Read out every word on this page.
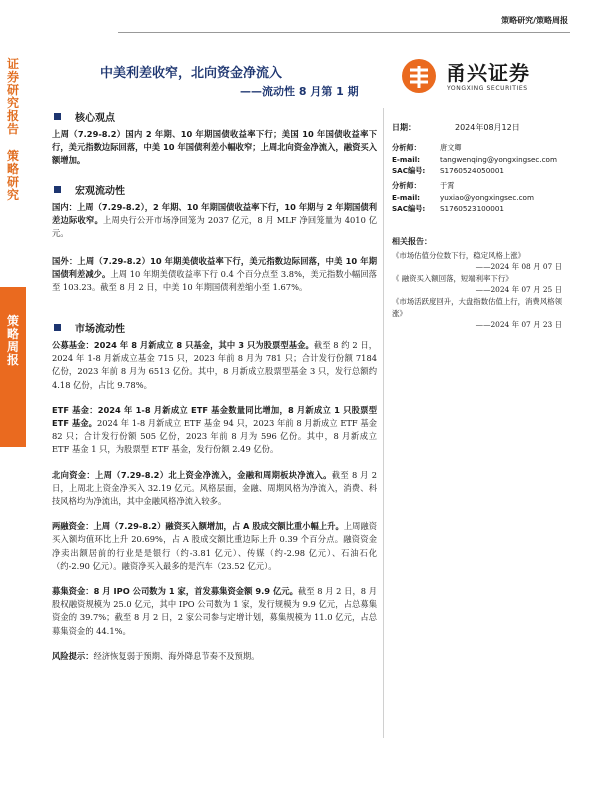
策略研究/策略周报
证券研究报告
策略研究
策略周报
中美利差收窄，北向资金净流入
——流动性 8 月第 1 期
甬兴证券
YONGXING SECURITIES
核心观点
上周（7.29-8.2）国内 2 年期、10 年期国债收益率下行；美国 10 年国债收益率下行，美元指数边际回落，中美 10 年国债利差小幅收窄；上周北向资金净流入，融资买入额增加。
宏观流动性
国内：上周（7.29-8.2），2 年期、10 年期国债收益率下行，10 年期与 2 年期国债利差边际收窄。上周央行公开市场净回笼为 2037 亿元，8 月 MLF 净回笼量为 4010 亿元。
国外：上周（7.29-8.2）10 年期美债收益率下行，美元指数边际回落，中美 10 年期国债利差减少。上周 10 年期美债收益率下行 0.4 个百分点至 3.8%，美元指数小幅回落至 103.23。截至 8 月 2 日，中美 10 年期国债利差缩小至 1.67%。
市场流动性
公募基金：2024 年 8 月新成立 8 只基金，其中 3 只为股票型基金。截至 8 约 2 日，2024 年 1-8 月新成立基金 715 只，2023 年前 8 月为 781 只；合计发行份额 7184 亿份，2023 年前 8 月为 6513 亿份。其中，8 月新成立股票型基金 3 只，发行总额约 4.18 亿份，占比 9.78%。
ETF 基金：2024 年 1-8 月新成立 ETF 基金数量同比增加，8 月新成立 1 只股票型 ETF 基金。2024 年 1-8 月新成立 ETF 基金 94 只，2023 年前 8 月新成立 ETF 基金 82 只；合计发行份额 505 亿份，2023 年前 8 月为 596 亿份。其中，8 月新成立 ETF 基金 1 只，为股票型 ETF 基金，发行份额 2.49 亿份。
北向资金：上周（7.29-8.2）北上资金净流入，金融和周期板块净流入。截至 8 月 2 日，上周北上资金净买入 32.19 亿元。风格层面，金融、周期风格为净流入，消费、科技风格均为净流出，其中金融风格净流入较多。
两融资金：上周（7.29-8.2）融资买入额增加，占 A 股成交额比重小幅上升。上周融资买入额均值环比上升 20.69%，占 A 股成交额比重边际上升 0.39 个百分点。融资资金净卖出额居前的行业是是银行（约-3.81 亿元）、传媒（约-2.98 亿元）、石油石化（约-2.90 亿元）。融资净买入最多的是汽车（23.52 亿元）。
募集资金：8 月 IPO 公司数为 1 家，首发募集资金额 9.9 亿元。截至 8 月 2 日，8 月股权融资规模为 25.0 亿元，其中 IPO 公司数为 1 家，发行规模为 9.9 亿元，占总募集资金的 39.7%；截至 8 月 2 日，2 家公司参与定增计划，募集规模为 11.0 亿元，占总募集资金的 44.1%。
风险提示：经济恢复弱于预期、海外降息节奏不及预期。
日期：	2024年08月12日
分析师：	唐文卿
E-mail:	tangwenqing@yongxingsec.com
SAC编号:	S1760524050001
分析师：	于霄
E-mail:	yuxiao@yongxingsec.com
SAC编号:	S1760523100001
相关报告：
《市场估值分位数下行，稳定风格上涨》
——2024 年 08 月 07 日
《 融资买入额回落，短端利率下行》
——2024 年 07 月 25 日
《市场活跃度回升，大盘指数估值上行，消费风格领涨》
——2024 年 07 月 23 日
